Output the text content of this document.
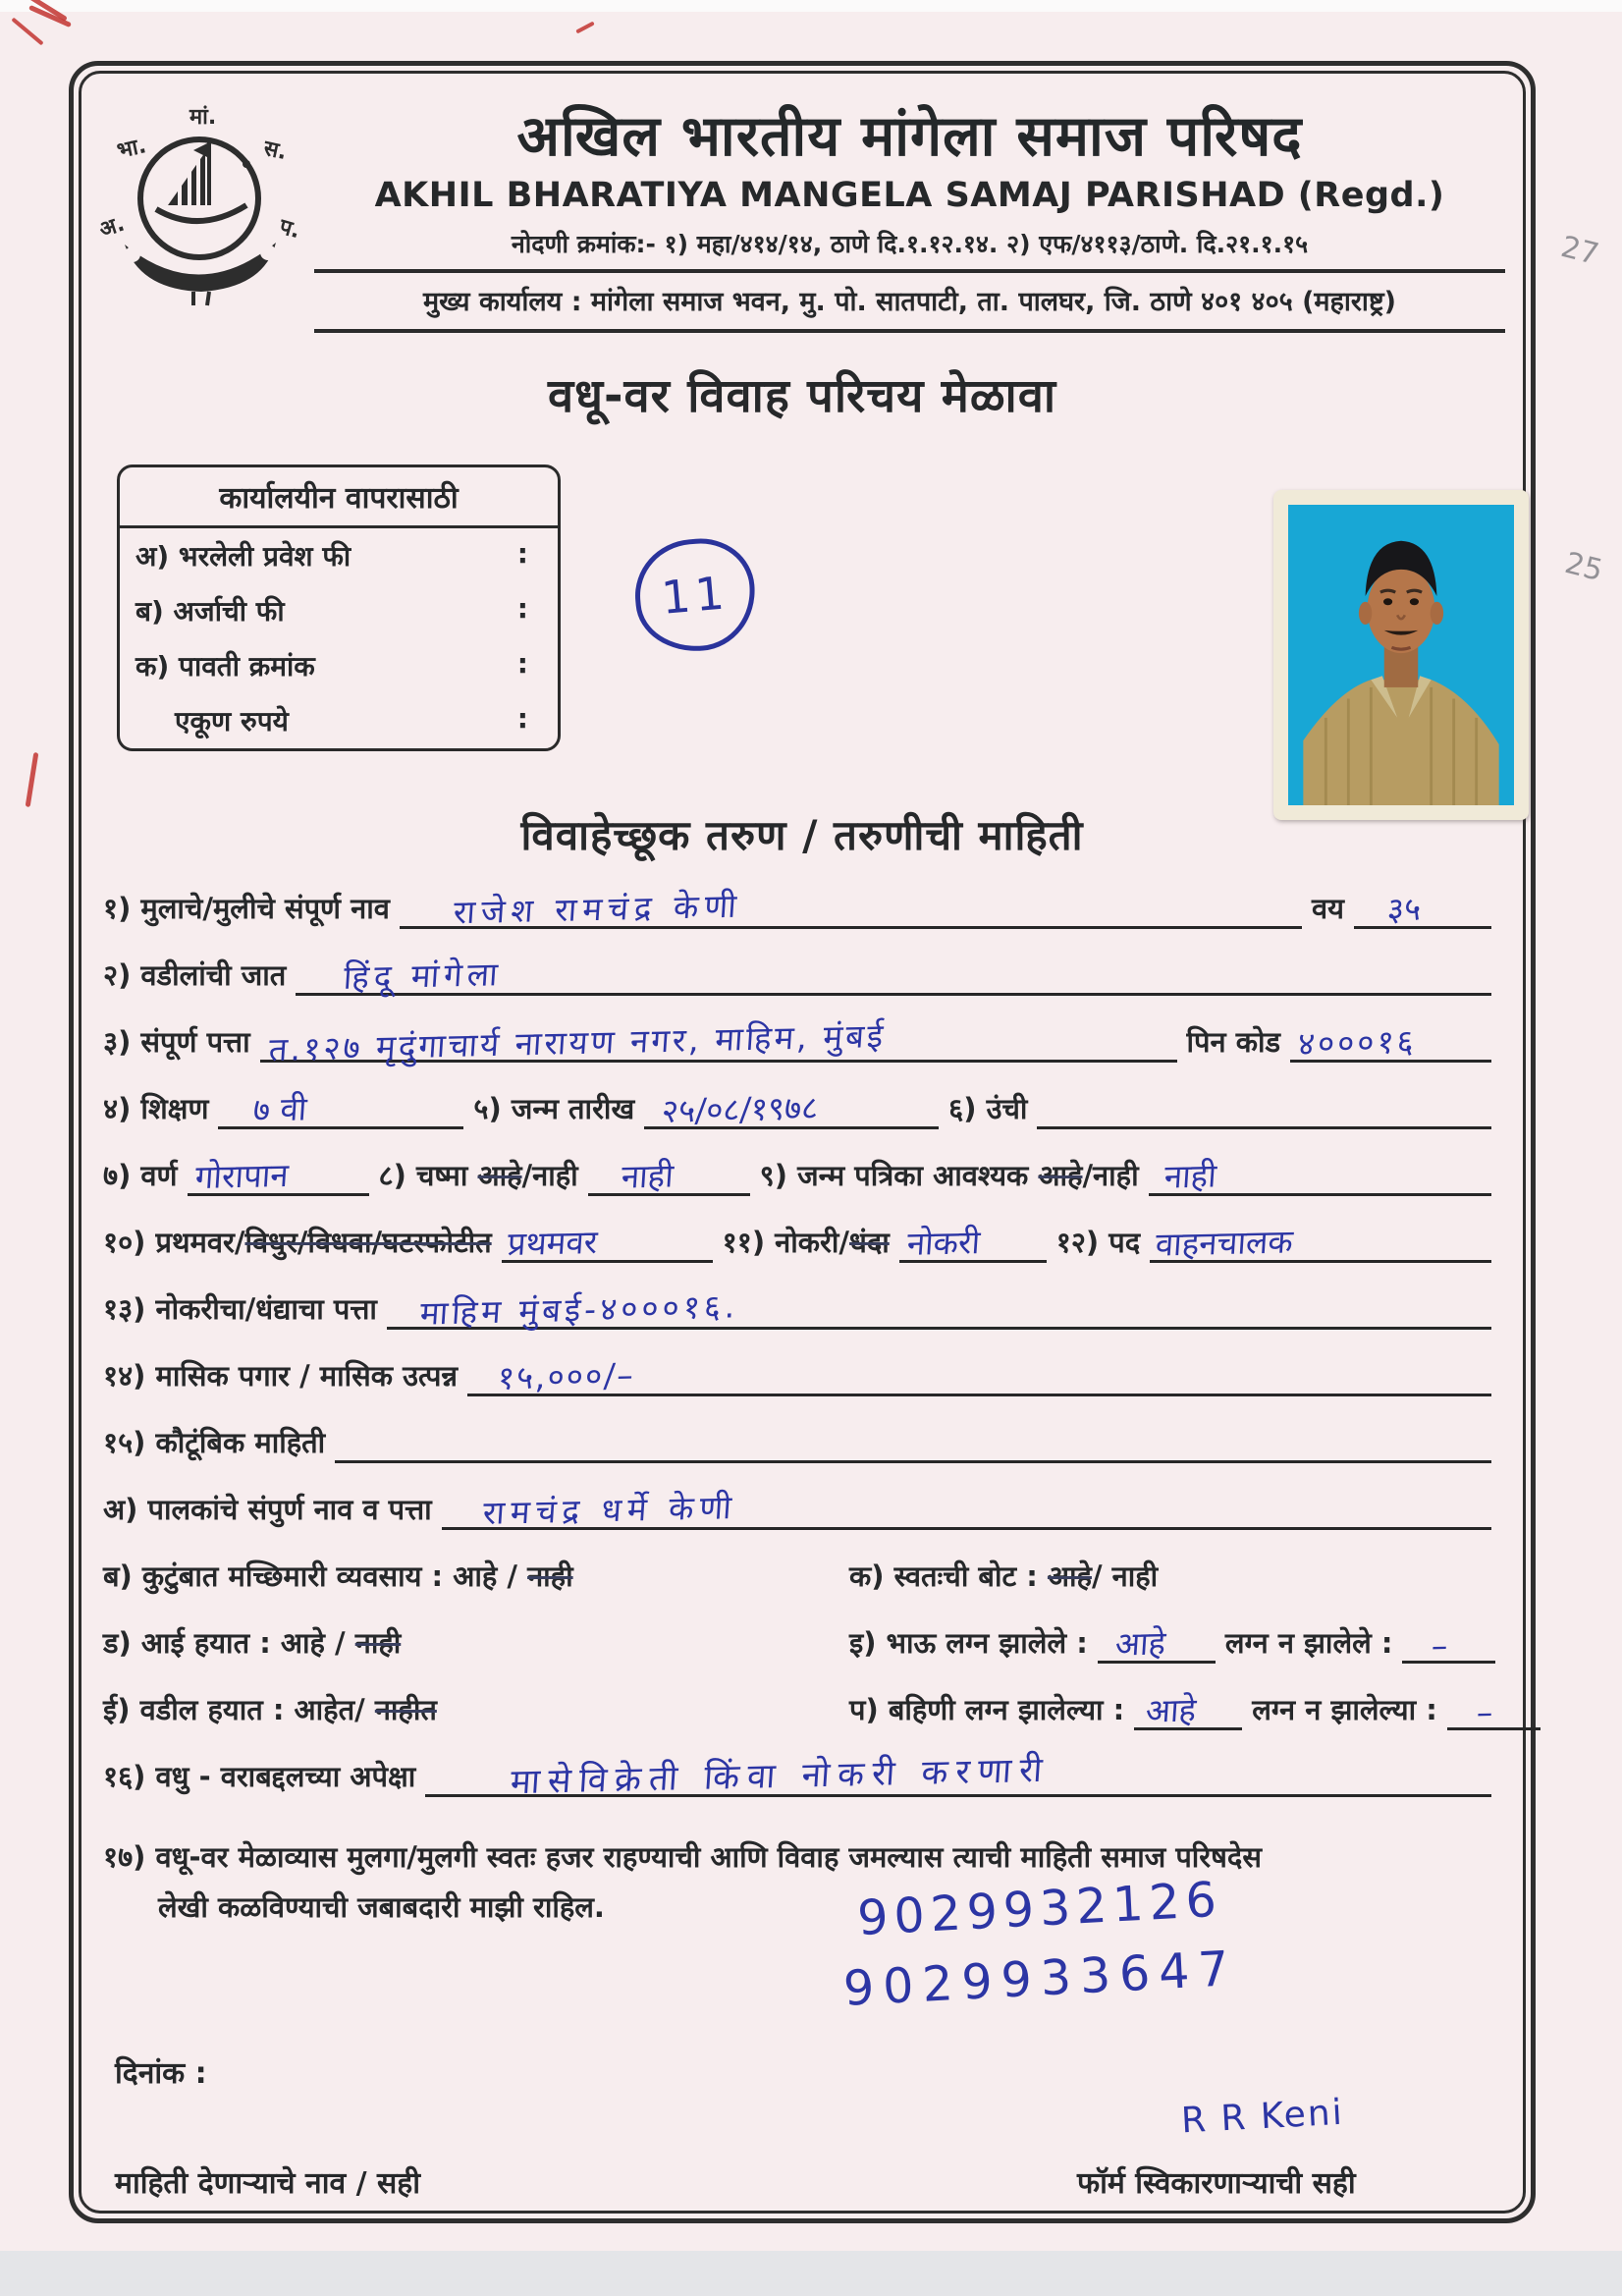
27
25
अ.
भा.
मां.
स.
प.
अखिल भारतीय मांगेला समाज परिषद
AKHIL BHARATIYA MANGELA SAMAJ PARISHAD (Regd.)
नोदणी क्रमांक:- १) महा/४१४/१४, ठाणे दि.१.१२.१४. २) एफ/४११३/ठाणे. दि.२१.१.१५
मुख्य कार्यालय : मांगेला समाज भवन, मु. पो. सातपाटी, ता. पालघर, जि. ठाणे ४०१ ४०५ (महाराष्ट्र)
वधू-वर विवाह परिचय मेळावा
कार्यालयीन वापरासाठी
अ) भरलेली प्रवेश फी	:
ब) अर्जाची फी	:
क) पावती क्रमांक	:
एकूण रुपये	:
विवाहेच्छूक तरुण / तरुणीची माहिती
१) मुलाचे/मुलीचे संपूर्ण नाव राजेश रामचंद्र केणी	वय ३५
२) वडीलांची जात हिंदू मांगेला
३) संपूर्ण पत्ता त.१२७ मृदुंगाचार्य नारायण नगर, माहिम, मुंबई	पिन कोड ४०००१६
४) शिक्षण ७ वी	५) जन्म तारीख २५/०८/१९७८	६) उंची
७) वर्ण गोरापान	८) चष्मा आहे/नाही नाही	९) जन्म पत्रिका आवश्यक आहे/नाही नाही
१०) प्रथमवर/विधुर/विधवा/घटस्फोटीत प्रथमवर	११) नोकरी/धंदा नोकरी	१२) पद वाहनचालक
१३) नोकरीचा/धंद्याचा पत्ता माहिम मुंबई-४०००१६.
१४) मासिक पगार / मासिक उत्पन्न १५,०००/–
१५) कौटूंबिक माहिती
अ) पालकांचे संपुर्ण नाव व पत्ता रामचंद्र धर्मे केणी
ब) कुटुंबात मच्छिमारी व्यवसाय : आहे / नाही	क) स्वतःची बोट : आहे/ नाही
ड) आई हयात : आहे / नाही	इ) भाऊ लग्न झालेले : आहे लग्न न झालेले : –
ई) वडील हयात : आहेत/ नाहीत	प) बहिणी लग्न झालेल्या : आहे लग्न न झालेल्या : –
१६) वधु - वराबद्दलच्या अपेक्षा	मासेविक्रेती किंवा नोकरी करणारी
१७) वधू-वर मेळाव्यास मुलगा/मुलगी स्वतः हजर राहण्याची आणि विवाह जमल्यास त्याची माहिती समाज परिषदेस
लेखी कळविण्याची जबाबदारी माझी राहिल.
11
9029932126
9029933647
दिनांक :
R R Keni
माहिती देणाऱ्याचे नाव / सही	फॉर्म स्विकारणाऱ्याची सही
